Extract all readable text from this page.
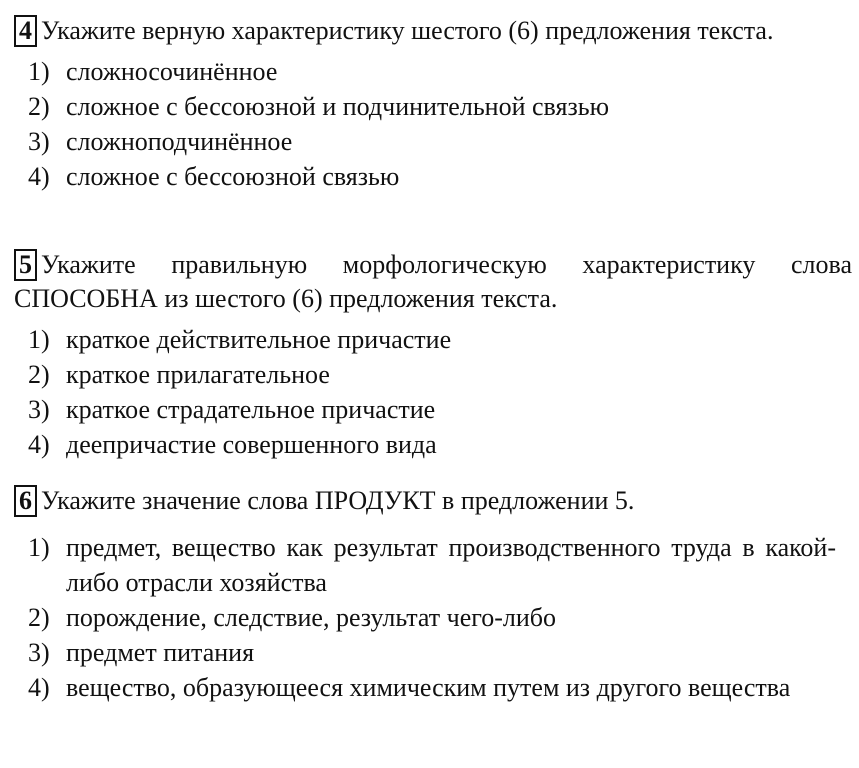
4 Укажите верную характеристику шестого (6) предложения текста.
1) сложносочинённое
2) сложное с бессоюзной и подчинительной связью
3) сложноподчинённое
4) сложное с бессоюзной связью
5 Укажите правильную морфологическую характеристику слова СПОСОБНА из шестого (6) предложения текста.
1) краткое действительное причастие
2) краткое прилагательное
3) краткое страдательное причастие
4) деепричастие совершенного вида
6 Укажите значение слова ПРОДУКТ в предложении 5.
1) предмет, вещество как результат производственного труда в какой-либо отрасли хозяйства
2) порождение, следствие, результат чего-либо
3) предмет питания
4) вещество, образующееся химическим путем из другого вещества
